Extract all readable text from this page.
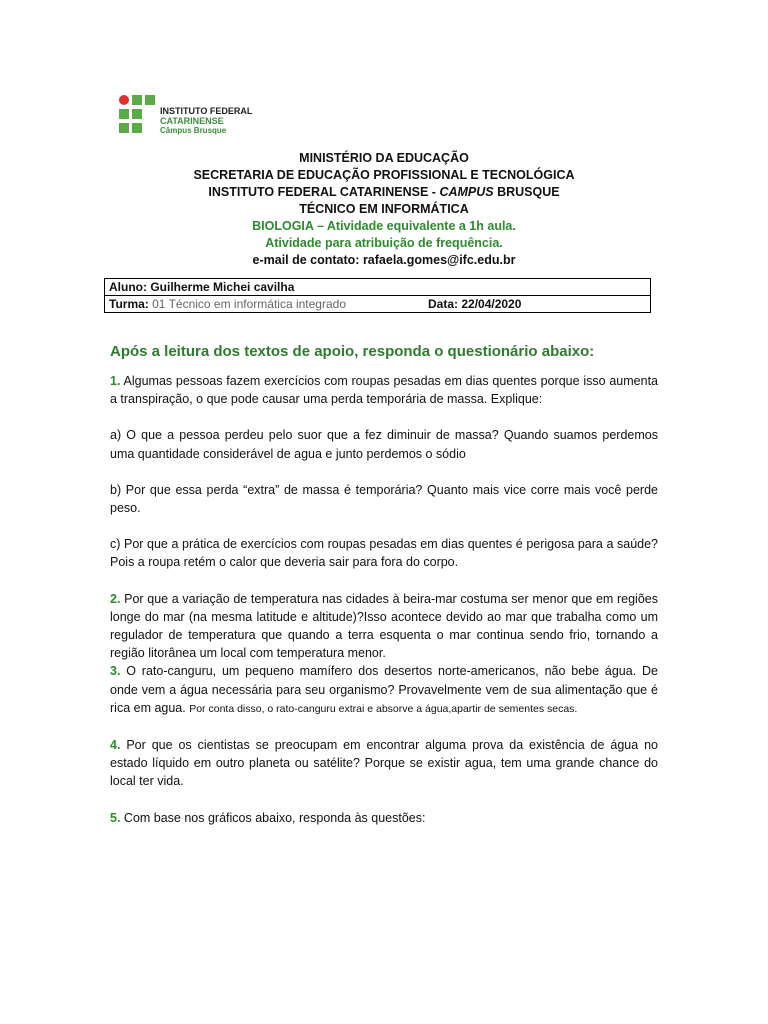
INSTITUTO FEDERAL
CATARINENSE
Câmpus Brusque
MINISTÉRIO DA EDUCAÇÃO
SECRETARIA DE EDUCAÇÃO PROFISSIONAL E TECNOLÓGICA
INSTITUTO FEDERAL CATARINENSE - CAMPUS BRUSQUE
TÉCNICO EM INFORMÁTICA
BIOLOGIA – Atividade equivalente a 1h aula.
Atividade para atribuição de frequência.
e-mail de contato: rafaela.gomes@ifc.edu.br
Aluno: Guilherme Michei cavilha
Turma: 01 Técnico em informática integrado	Data: 22/04/2020
Após a leitura dos textos de apoio, responda o questionário abaixo:

1. Algumas pessoas fazem exercícios com roupas pesadas em dias quentes porque isso aumenta a transpiração, o que pode causar uma perda temporária de massa. Explique:

a) O que a pessoa perdeu pelo suor que a fez diminuir de massa? Quando suamos perdemos uma quantidade considerável de agua e junto perdemos o sódio

b) Por que essa perda “extra” de massa é temporária? Quanto mais vice corre mais você perde peso.

c) Por que a prática de exercícios com roupas pesadas em dias quentes é perigosa para a saúde? Pois a roupa retém o calor que deveria sair para fora do corpo.

2. Por que a variação de temperatura nas cidades à beira-mar costuma ser menor que em regiões longe do mar (na mesma latitude e altitude)?Isso acontece devido ao mar que trabalha como um regulador de temperatura que quando a terra esquenta o mar continua sendo frio, tornando a região litorânea um local com temperatura menor.

3. O rato-canguru, um pequeno mamífero dos desertos norte-americanos, não bebe água. De onde vem a água necessária para seu organismo? Provavelmente vem de sua alimentação que é rica em agua. Por conta disso, o rato-canguru extrai e absorve a água,apartir de sementes secas.

4. Por que os cientistas se preocupam em encontrar alguma prova da existência de água no estado líquido em outro planeta ou satélite? Porque se existir agua, tem uma grande chance do local ter vida.

5. Com base nos gráficos abaixo, responda às questões:
